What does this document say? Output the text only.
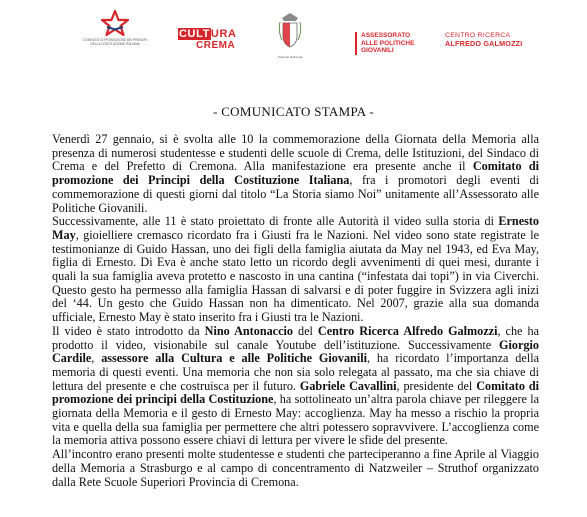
COMITATO DI PROMOZIONE DEI PRINCIPI DELLA COSTITUZIONE ITALIANA
CULTURA
CREMA
Comune di Crema
ASSESSORATO
ALLE POLITICHE
GIOVANILI
CENTRO RICERCA
ALFREDO GALMOZZI
- COMUNICATO STAMPA -

Venerdì 27 gennaio, si è svolta alle 10 la commemorazione della Giornata della Memoria alla presenza di numerosi studentesse e studenti delle scuole di Crema, delle Istituzioni, del Sindaco di Crema e del Prefetto di Cremona. Alla manifestazione era presente anche il Comitato di promozione dei Principi della Costituzione Italiana, fra i promotori degli eventi di commemorazione di questi giorni dal titolo “La Storia siamo Noi” unitamente all’Assessorato alle Politiche Giovanili.

Successivamente, alle 11 è stato proiettato di fronte alle Autorità il video sulla storia di Ernesto May, gioielliere cremasco ricordato fra i Giusti fra le Nazioni. Nel video sono state registrate le testimonianze di Guido Hassan, uno dei figli della famiglia aiutata da May nel 1943, ed Eva May, figlia di Ernesto. Di Eva è anche stato letto un ricordo degli avvenimenti di quei mesi, durante i quali la sua famiglia aveva protetto e nascosto in una cantina (“infestata dai topi”) in via Civerchi. Questo gesto ha permesso alla famiglia Hassan di salvarsi e di poter fuggire in Svizzera agli inizi del ‘44. Un gesto che Guido Hassan non ha dimenticato. Nel 2007, grazie alla sua domanda ufficiale, Ernesto May è stato inserito fra i Giusti tra le Nazioni.

Il video è stato introdotto da Nino Antonaccio del Centro Ricerca Alfredo Galmozzi, che ha prodotto il video, visionabile sul canale Youtube dell’istituzione. Successivamente Giorgio Cardile, assessore alla Cultura e alle Politiche Giovanili, ha ricordato l’importanza della memoria di questi eventi. Una memoria che non sia solo relegata al passato, ma che sia chiave di lettura del presente e che costruisca per il futuro. Gabriele Cavallini, presidente del Comitato di promozione dei principi della Costituzione, ha sottolineato un’altra parola chiave per rileggere la giornata della Memoria e il gesto di Ernesto May: accoglienza. May ha messo a rischio la propria vita e quella della sua famiglia per permettere che altri potessero sopravvivere. L’accoglienza come la memoria attiva possono essere chiavi di lettura per vivere le sfide del presente.

All’incontro erano presenti molte studentesse e studenti che parteciperanno a fine Aprile al Viaggio della Memoria a Strasburgo e al campo di concentramento di Natzweiler – Struthof organizzato dalla Rete Scuole Superiori Provincia di Cremona.
